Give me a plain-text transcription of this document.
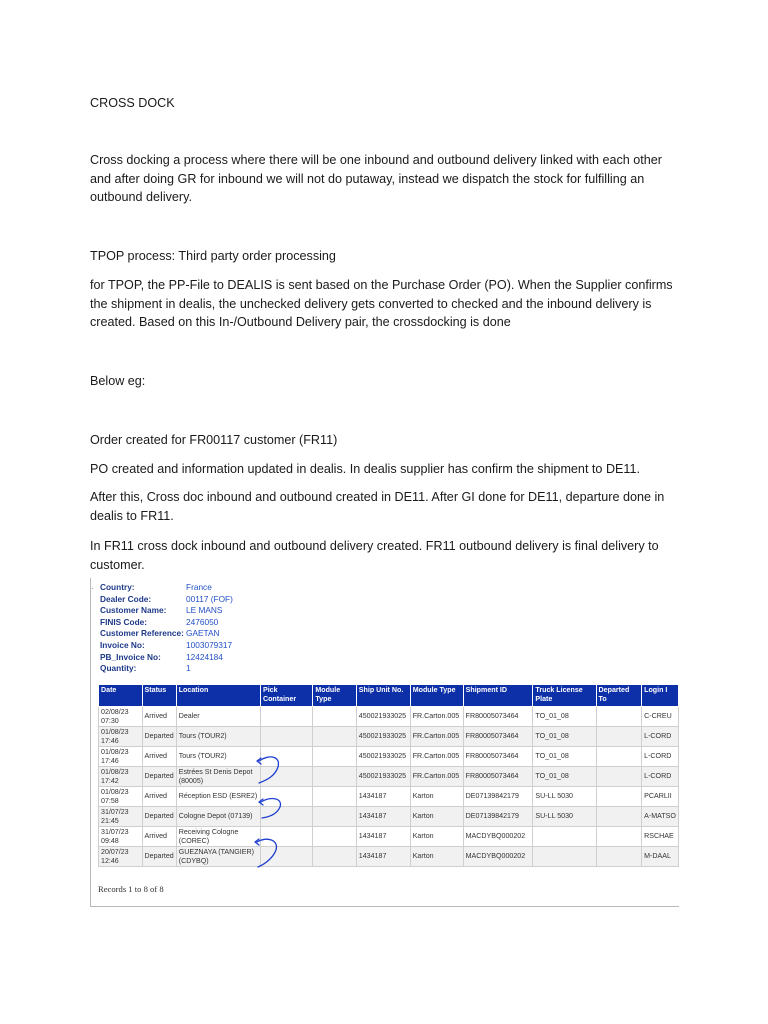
CROSS DOCK
Cross docking a process where there will be one inbound and outbound delivery linked with each other and after doing GR for inbound we will not do putaway, instead we dispatch the stock for fulfilling an outbound delivery.
TPOP process: Third party order processing
for TPOP, the PP-File to DEALIS is sent based on the Purchase Order (PO). When the Supplier confirms the shipment in dealis, the unchecked delivery gets converted to checked and the inbound delivery is created. Based on this In-/Outbound Delivery pair, the crossdocking is done
Below eg:
Order created for FR00117 customer (FR11)
PO created and information updated in dealis. In dealis supplier has confirm the shipment to DE11.
After this, Cross doc inbound and outbound created in DE11. After GI done for DE11, departure done in dealis to FR11.
In FR11 cross dock inbound and outbound delivery created. FR11 outbound delivery is final delivery to customer.
· Country:	France
Dealer Code:	00117 (FOF)
Customer Name:	LE MANS
FINIS Code:	2476050
Customer Reference: GAETAN
Invoice No:	1003079317
PB_Invoice No:	12424184
Quantity:	1
Date	Status	Location	Pick Container	Module Type	Ship Unit No.	Module Type	Shipment ID	Truck License Plate	Departed To	Login I
02/08/23 07:30	Arrived	Dealer			450021933025	FR.Carton.005	FR80005073464	TO_01_08		C-CREU
01/08/23 17:46	Departed	Tours (TOUR2)			450021933025	FR.Carton.005	FR80005073464	TO_01_08		L-CORD
01/08/23 17:46	Arrived	Tours (TOUR2)			450021933025	FR.Carton.005	FR80005073464	TO_01_08		L-CORD
01/08/23 17:42	Departed	Estrées St Denis Depot (80005)			450021933025	FR.Carton.005	FR80005073464	TO_01_08		L-CORD
01/08/23 07:58	Arrived	Réception ESD (ESRE2)			1434187	Karton	DE07139842179	SU-LL 5030		PCARLII
31/07/23 21:45	Departed	Cologne Depot (07139)			1434187	Karton	DE07139842179	SU-LL 5030		A-MATSO
31/07/23 09:48	Arrived	Receiving Cologne (COREC)			1434187	Karton	MACDYBQ000202			RSCHAE
20/07/23 12:46	Departed	GUEZNAYA (TANGIER) (CDYBQ)			1434187	Karton	MACDYBQ000202			M-DAAL
Records 1 to 8 of 8
